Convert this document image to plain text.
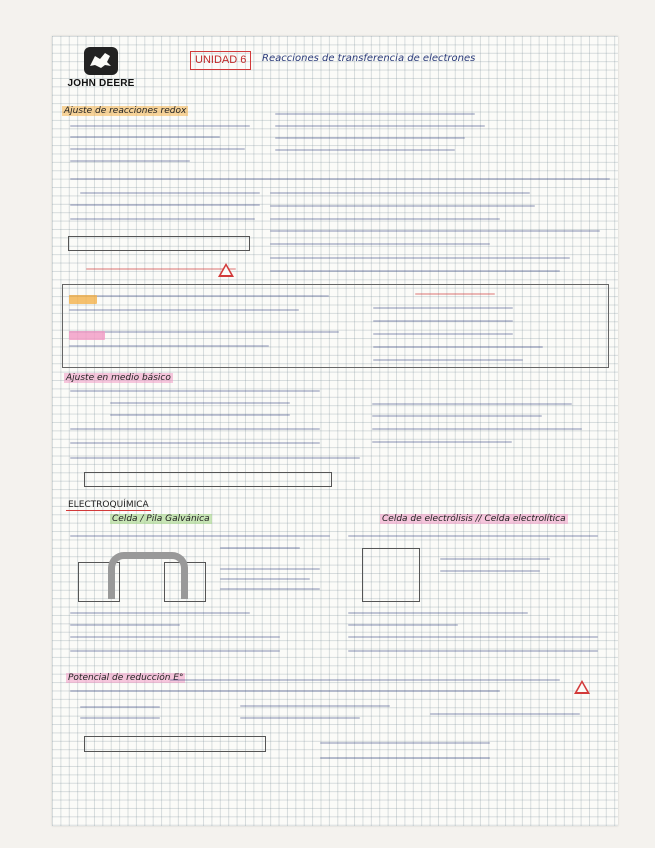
JOHN DEERE
UNIDAD 6	Reacciones de transferencia de electrones
Ajuste de reacciones redox
Ajuste en medio básico
ELECTROQUÍMICA
Celda / Pila Galvánica	Celda de electrólisis // Celda electrolítica
Potencial de reducción E°
